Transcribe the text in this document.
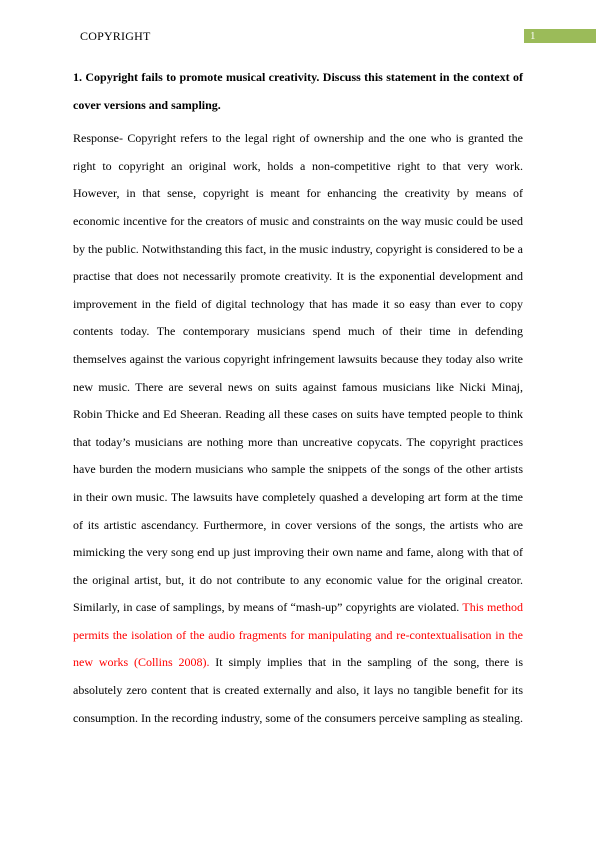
COPYRIGHT	1

1. Copyright fails to promote musical creativity. Discuss this statement in the context of cover versions and sampling.

Response- Copyright refers to the legal right of ownership and the one who is granted the right to copyright an original work, holds a non-competitive right to that very work. However, in that sense, copyright is meant for enhancing the creativity by means of economic incentive for the creators of music and constraints on the way music could be used by the public. Notwithstanding this fact, in the music industry, copyright is considered to be a practise that does not necessarily promote creativity. It is the exponential development and improvement in the field of digital technology that has made it so easy than ever to copy contents today. The contemporary musicians spend much of their time in defending themselves against the various copyright infringement lawsuits because they today also write new music. There are several news on suits against famous musicians like Nicki Minaj, Robin Thicke and Ed Sheeran. Reading all these cases on suits have tempted people to think that today’s musicians are nothing more than uncreative copycats. The copyright practices have burden the modern musicians who sample the snippets of the songs of the other artists in their own music. The lawsuits have completely quashed a developing art form at the time of its artistic ascendancy. Furthermore, in cover versions of the songs, the artists who are mimicking the very song end up just improving their own name and fame, along with that of the original artist, but, it do not contribute to any economic value for the original creator. Similarly, in case of samplings, by means of “mash-up” copyrights are violated. This method permits the isolation of the audio fragments for manipulating and re-contextualisation in the new works (Collins 2008). It simply implies that in the sampling of the song, there is absolutely zero content that is created externally and also, it lays no tangible benefit for its consumption. In the recording industry, some of the consumers perceive sampling as stealing.
